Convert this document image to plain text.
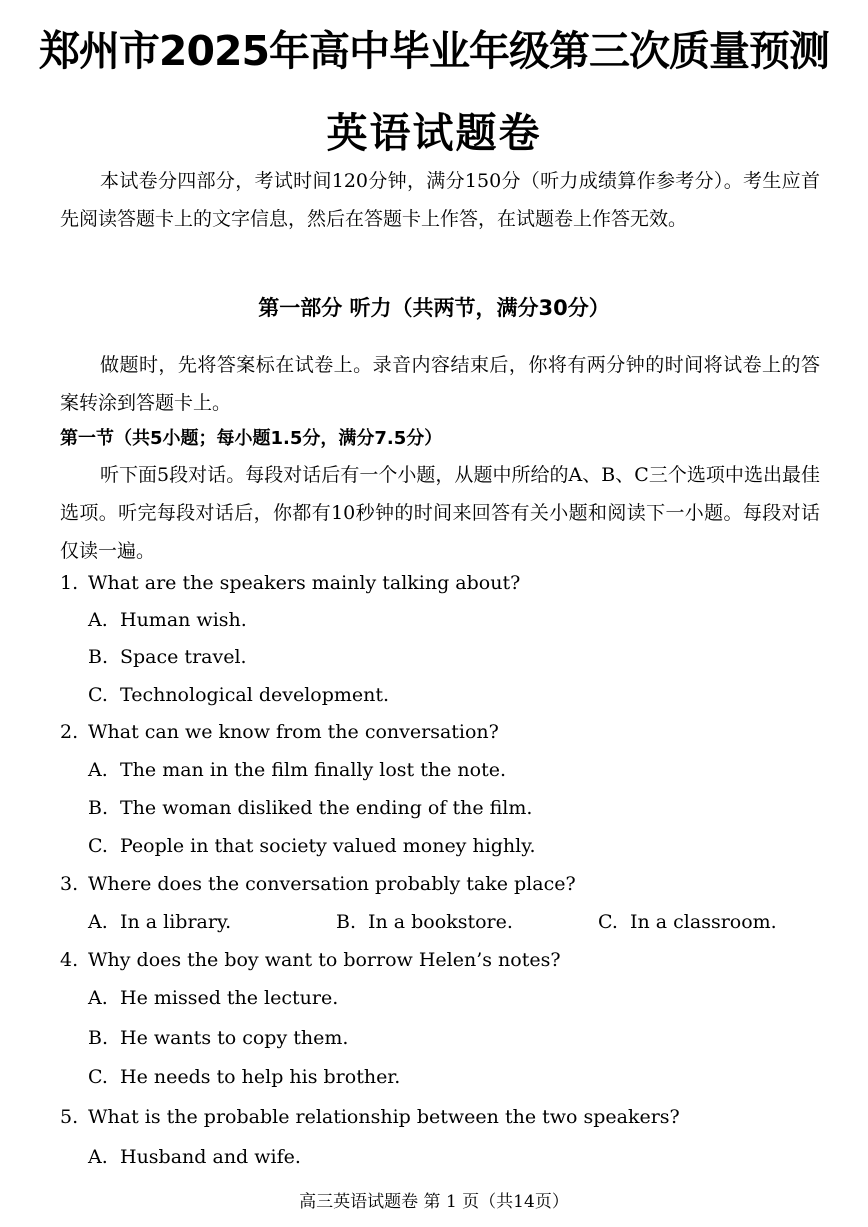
郑州市2025年高中毕业年级第三次质量预测
英语试题卷
本试卷分四部分，考试时间120分钟，满分150分（听力成绩算作参考分）。考生应首先阅读答题卡上的文字信息，然后在答题卡上作答，在试题卷上作答无效。
第一部分 听力（共两节，满分30分）
做题时，先将答案标在试卷上。录音内容结束后，你将有两分钟的时间将试卷上的答案转涂到答题卡上。
第一节（共5小题；每小题1.5分，满分7.5分）
听下面5段对话。每段对话后有一个小题，从题中所给的A、B、C三个选项中选出最佳选项。听完每段对话后，你都有10秒钟的时间来回答有关小题和阅读下一小题。每段对话仅读一遍。
1. What are the speakers mainly talking about?
A. Human wish.
B. Space travel.
C. Technological development.
2. What can we know from the conversation?
A. The man in the film finally lost the note.
B. The woman disliked the ending of the film.
C. People in that society valued money highly.
3. Where does the conversation probably take place?
A. In a library.	B. In a bookstore.	C. In a classroom.
4. Why does the boy want to borrow Helen’s notes?
A. He missed the lecture.
B. He wants to copy them.
C. He needs to help his brother.
5. What is the probable relationship between the two speakers?
A. Husband and wife.
高三英语试题卷 第 1 页（共14页）
